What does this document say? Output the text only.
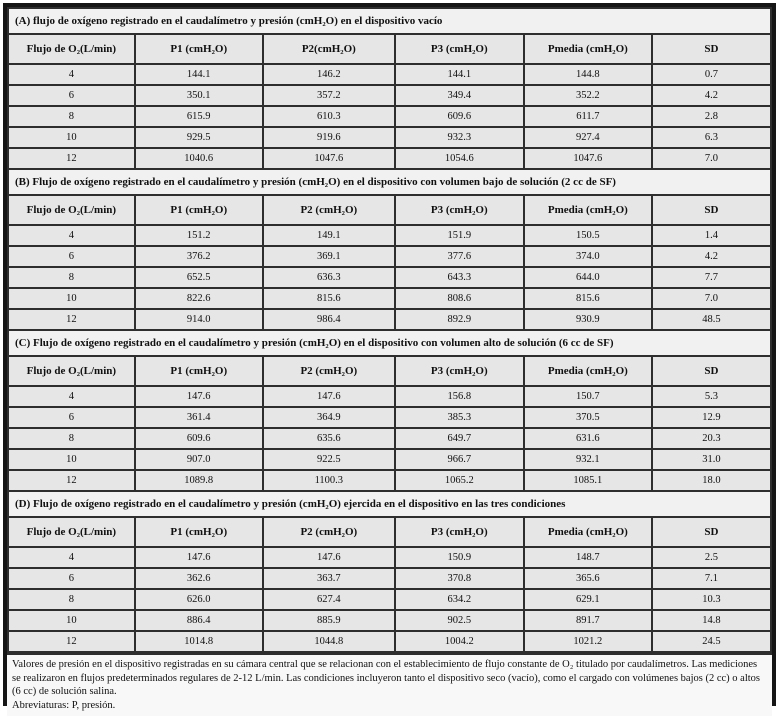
(A) flujo de oxígeno registrado en el caudalímetro y presión (cmH₂O) en el dispositivo vacío					
Flujo de O₂(L/min)	P1 (cmH₂O)	P2(cmH₂O)	P3 (cmH₂O)	Pmedia (cmH₂O)	SD
4	144.1	146.2	144.1	144.8	0.7
6	350.1	357.2	349.4	352.2	4.2
8	615.9	610.3	609.6	611.7	2.8
10	929.5	919.6	932.3	927.4	6.3
12	1040.6	1047.6	1054.6	1047.6	7.0
(B) Flujo de oxígeno registrado en el caudalímetro y presión (cmH₂O) en el dispositivo con volumen bajo de solución (2 cc de SF)					
Flujo de O₂(L/min)	P1 (cmH₂O)	P2 (cmH₂O)	P3 (cmH₂O)	Pmedia (cmH₂O)	SD
4	151.2	149.1	151.9	150.5	1.4
6	376.2	369.1	377.6	374.0	4.2
8	652.5	636.3	643.3	644.0	7.7
10	822.6	815.6	808.6	815.6	7.0
12	914.0	986.4	892.9	930.9	48.5
(C) Flujo de oxígeno registrado en el caudalímetro y presión (cmH₂O) en el dispositivo con volumen alto de solución (6 cc de SF)					
Flujo de O₂(L/min)	P1 (cmH₂O)	P2 (cmH₂O)	P3 (cmH₂O)	Pmedia (cmH₂O)	SD
4	147.6	147.6	156.8	150.7	5.3
6	361.4	364.9	385.3	370.5	12.9
8	609.6	635.6	649.7	631.6	20.3
10	907.0	922.5	966.7	932.1	31.0
12	1089.8	1100.3	1065.2	1085.1	18.0
(D) Flujo de oxígeno registrado en el caudalímetro y presión (cmH₂O) ejercida en el dispositivo en las tres condiciones					
Flujo de O₂(L/min)	P1 (cmH₂O)	P2 (cmH₂O)	P3 (cmH₂O)	Pmedia (cmH₂O)	SD
4	147.6	147.6	150.9	148.7	2.5
6	362.6	363.7	370.8	365.6	7.1
8	626.0	627.4	634.2	629.1	10.3
10	886.4	885.9	902.5	891.7	14.8
12	1014.8	1044.8	1004.2	1021.2	24.5
Valores de presión en el dispositivo registradas en su cámara central que se relacionan con el establecimiento de flujo constante de O₂ titulado por caudalímetros. Las mediciones se realizaron en flujos predeterminados regulares de 2-12 L/min. Las condiciones incluyeron tanto el dispositivo seco (vacío), como el cargado con volúmenes bajos (2 cc) o altos (6 cc) de solución salina.
Abreviaturas: P, presión.
